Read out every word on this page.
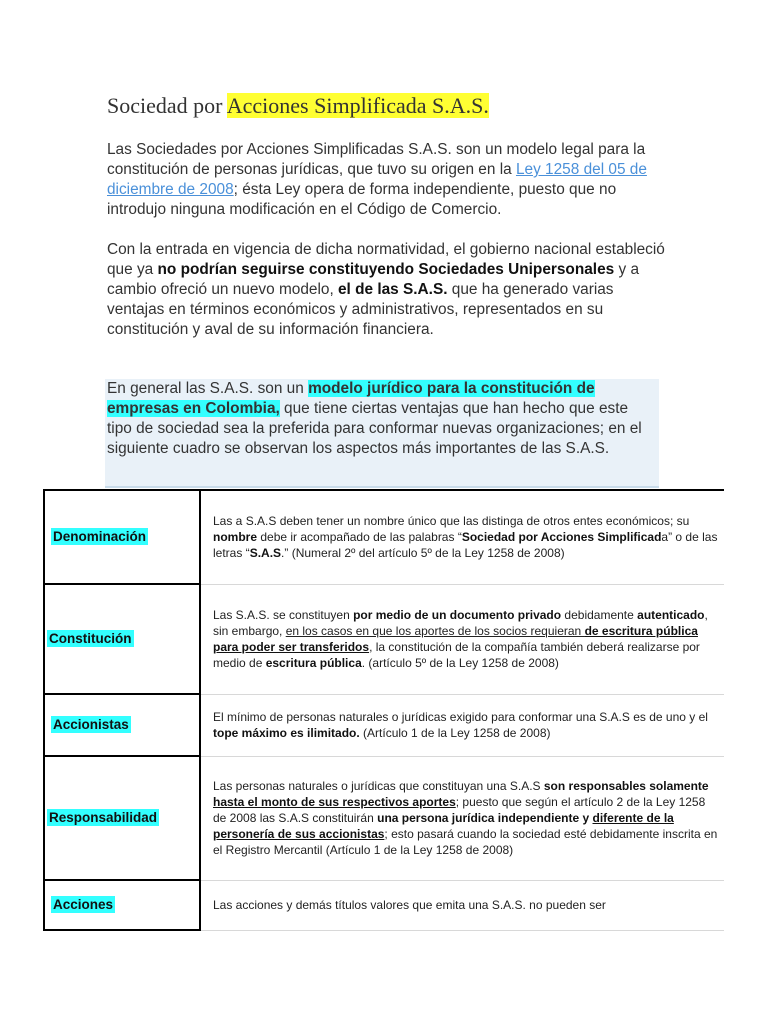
Sociedad por Acciones Simplificada S.A.S.
Las Sociedades por Acciones Simplificadas S.A.S. son un modelo legal para la constitución de personas jurídicas, que tuvo su origen en la Ley 1258 del 05 de diciembre de 2008; ésta Ley opera de forma independiente, puesto que no introdujo ninguna modificación en el Código de Comercio.
Con la entrada en vigencia de dicha normatividad, el gobierno nacional estableció que ya no podrían seguirse constituyendo Sociedades Unipersonales y a cambio ofreció un nuevo modelo, el de las S.A.S. que ha generado varias ventajas en términos económicos y administrativos, representados en su constitución y aval de su información financiera.
En general las S.A.S. son un modelo jurídico para la constitución de empresas en Colombia, que tiene ciertas ventajas que han hecho que este tipo de sociedad sea la preferida para conformar nuevas organizaciones; en el siguiente cuadro se observan los aspectos más importantes de las S.A.S.
Denominación	Las a S.A.S deben tener un nombre único que las distinga de otros entes económicos; su nombre debe ir acompañado de las palabras “Sociedad por Acciones Simplificada” o de las letras “S.A.S.” (Numeral 2º del artículo 5º de la Ley 1258 de 2008)
Constitución	Las S.A.S. se constituyen por medio de un documento privado debidamente autenticado, sin embargo, en los casos en que los aportes de los socios requieran de escritura pública para poder ser transferidos, la constitución de la compañía también deberá realizarse por medio de escritura pública. (artículo 5º de la Ley 1258 de 2008)
Accionistas	El mínimo de personas naturales o jurídicas exigido para conformar una S.A.S es de uno y el tope máximo es ilimitado. (Artículo 1 de la Ley 1258 de 2008)
Responsabilidad	Las personas naturales o jurídicas que constituyan una S.A.S son responsables solamente hasta el monto de sus respectivos aportes; puesto que según el artículo 2 de la Ley 1258 de 2008 las S.A.S constituirán una persona jurídica independiente y diferente de la personería de sus accionistas; esto pasará cuando la sociedad esté debidamente inscrita en el Registro Mercantil (Artículo 1 de la Ley 1258 de 2008)
Acciones	Las acciones y demás títulos valores que emita una S.A.S. no pueden ser
